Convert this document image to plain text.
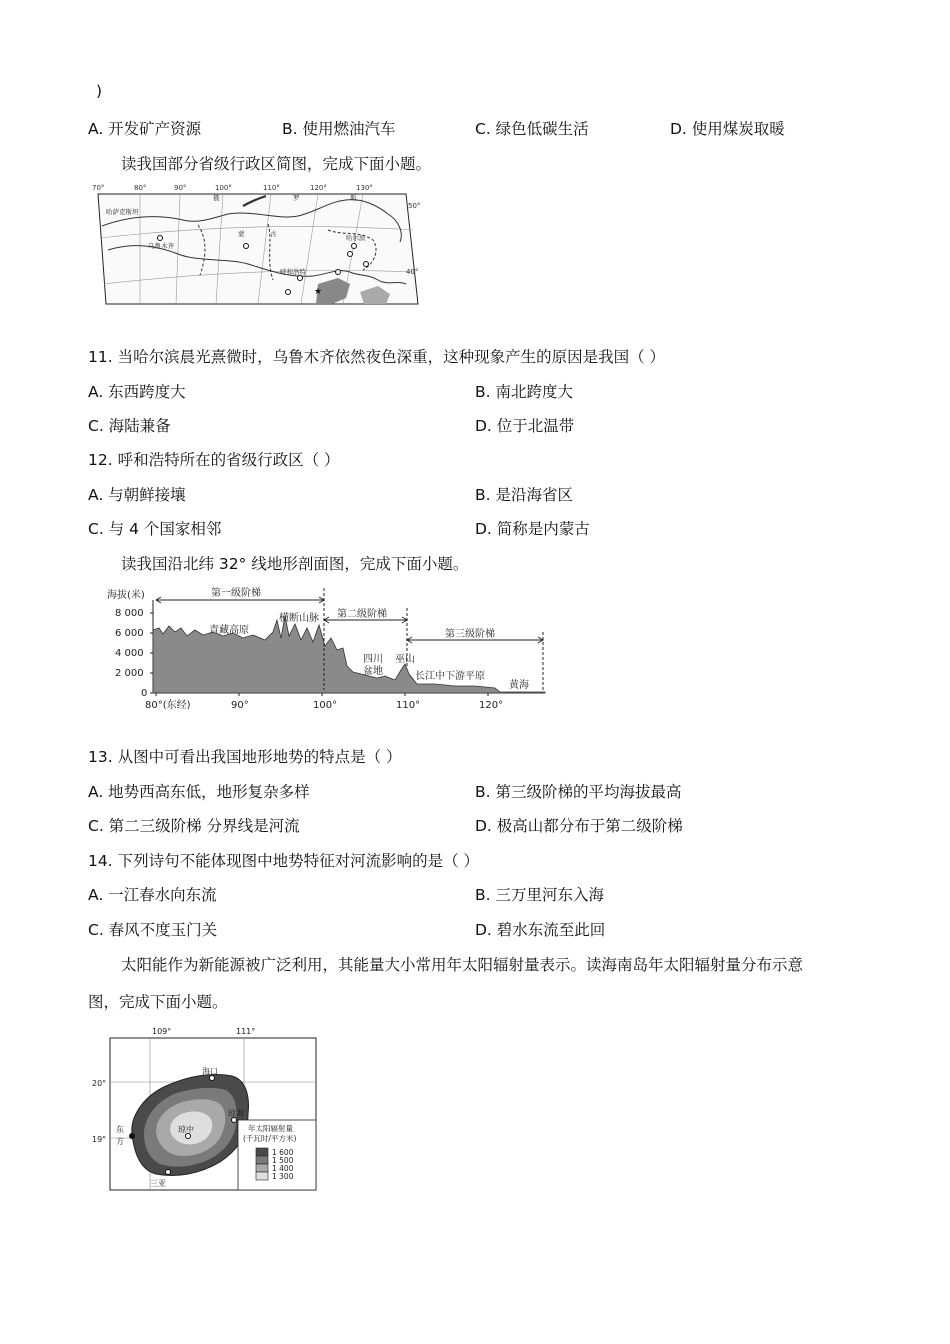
)
A. 开发矿产资源	B. 使用燃油汽车	C. 绿色低碳生活	D. 使用煤炭取暖
读我国部分省级行政区简图，完成下面小题。
★
70°	80°	90°	100°	110°	120°	130°
50°
40°
哈萨克斯坦
俄	罗	斯
蒙	古
乌鲁木齐
哈尔滨
呼和浩特
11. 当哈尔滨晨光熹微时，乌鲁木齐依然夜色深重，这种现象产生的原因是我国（ ）
A. 东西跨度大	B. 南北跨度大
C. 海陆兼备	D. 位于北温带
12. 呼和浩特所在的省级行政区（ ）
A. 与朝鲜接壤	B. 是沿海省区
C. 与 4 个国家相邻	D. 简称是内蒙古
读我国沿北纬 32° 线地形剖面图，完成下面小题。
海拔(米)
8 000
6 000
4 000
2 000
0
80°(东经)	90°	100°	110°	120°
第一级阶梯
第二级阶梯
第三级阶梯
青藏高原
横断山脉
四川
盆地
巫山
长江中下游平原
黄海
13. 从图中可看出我国地形地势的特点是（ ）
A. 地势西高东低，地形复杂多样	B. 第三级阶梯的平均海拔最高
C. 第二三级阶梯 分界线是河流	D. 极高山都分布于第二级阶梯
14. 下列诗句不能体现图中地势特征对河流影响的是（ ）
A. 一江春水向东流	B. 三万里河东入海
C. 春风不度玉门关	D. 碧水东流至此回
太阳能作为新能源被广泛利用，其能量大小常用年太阳辐射量表示。读海南岛年太阳辐射量分布示意
图，完成下面小题。
年太阳辐射量
(千瓦时/平方米)
1 600
1 500
1 400
1 300
109°	111°
20°
19°
海口
琼海
琼中
东
方
三亚
